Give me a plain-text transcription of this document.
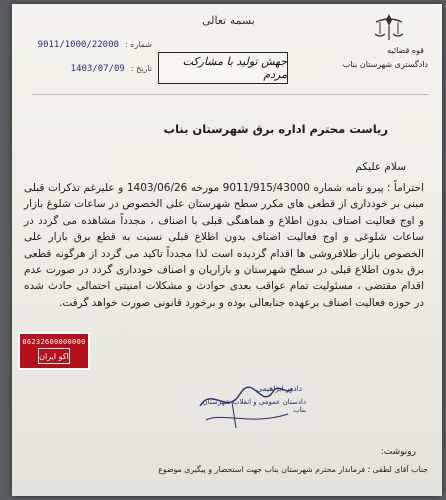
بسمه تعالی
قوه قضائیه
دادگستری شهرستان بناب
شماره :
9011/1000/22000
تاریخ :
1403/07/09
جهش تولید با مشارکت مردم
ریاست محترم اداره برق شهرستان بناب
سلام علیکم
احتراماً ؛ پیرو نامه شماره 9011/915/43000 مورخه 1403/06/26 و علیرغم تذکرات قبلی مبنی بر خودداری از قطعی های مکرر سطح شهرستان علی الخصوص در ساعات شلوغ بازار و اوج فعالیت اصناف بدون اطلاع و هماهنگی قبلی با اصناف ، مجدداً مشاهده می گردد در ساعات شلوغی و اوج فعالیت اصناف بدون اطلاع قبلی نسبت به قطع برق بازار علی الخصوص بازار طلافروشی ها اقدام گردیده است لذا مجدداً تاکید می گردد از هرگونه قطعی برق بدون اطلاع قبلی در سطح شهرستان و بازاریان و اصناف خودداری گردد در صورت عدم اقدام مقتضی ، مسئولیت تمام عواقب بعدی حوادث و مشکلات امنیتی احتمالی حادث شده در حوزه فعالیت اصناف برعهده جنابعالی بوده و برخورد قانونی صورت خواهد گرفت.
06232600000000
اکو ایران
دادور ابراهیمی
دادستان عمومی و انقلاب شهرستان بناب
رونوشت:
جناب آقای لطفی ؛ فرماندار محترم شهرستان بناب جهت استحضار و پیگیری موضوع
